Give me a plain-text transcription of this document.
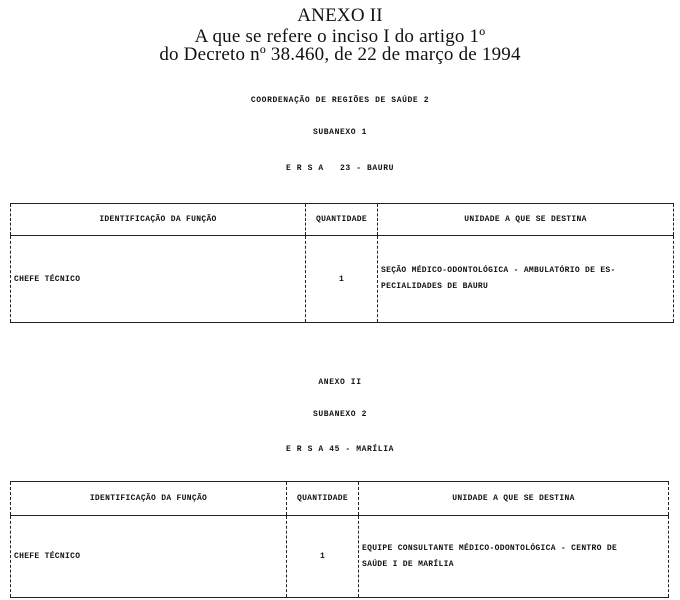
ANEXO II
A que se refere o inciso I do artigo 1º
do Decreto nº 38.460, de 22 de março de 1994
COORDENAÇÃO DE REGIÕES DE SAÚDE 2
SUBANEXO 1
E R S A   23 - BAURU
IDENTIFICAÇÃO DA FUNÇÃO	QUANTIDADE	UNIDADE A QUE SE DESTINA
CHEFE TÉCNICO	1	SEÇÃO MÉDICO-ODONTOLÓGICA - AMBULATÓRIO DE ES-
PECIALIDADES DE BAURU
ANEXO II
SUBANEXO 2
E R S A 45 - MARÍLIA
IDENTIFICAÇÃO DA FUNÇÃO	QUANTIDADE	UNIDADE A QUE SE DESTINA
CHEFE TÉCNICO	1	EQUIPE CONSULTANTE MÉDICO-ODONTOLÓGICA - CENTRO DE
SAÚDE I DE MARÍLIA
